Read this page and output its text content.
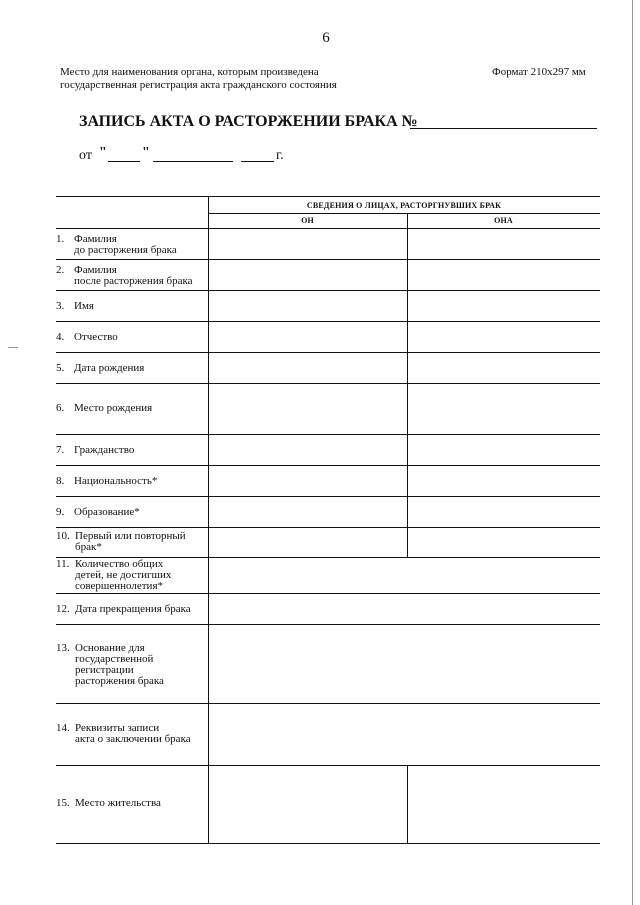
6
Место для наименования органа, которым произведена
государственная регистрация акта гражданского состояния
Формат 210х297 мм
ЗАПИСЬ АКТА О РАСТОРЖЕНИИ БРАКА №
от "	"	г.
СВЕДЕНИЯ О ЛИЦАХ, РАСТОРГНУВШИХ БРАК
ОН	ОНА
1. Фамилия
до расторжения брака
2. Фамилия
после расторжения брака
3. Имя
4. Отчество
5. Дата рождения
6. Место рождения
7. Гражданство
8. Национальность*
9. Образование*
10. Первый или повторный
брак*
11. Количество общих
детей, не достигших
совершеннолетия*
12. Дата прекращения брака
13. Основание для
государственной
регистрации
расторжения брака
14. Реквизиты записи
акта о заключении брака
15. Место жительства
